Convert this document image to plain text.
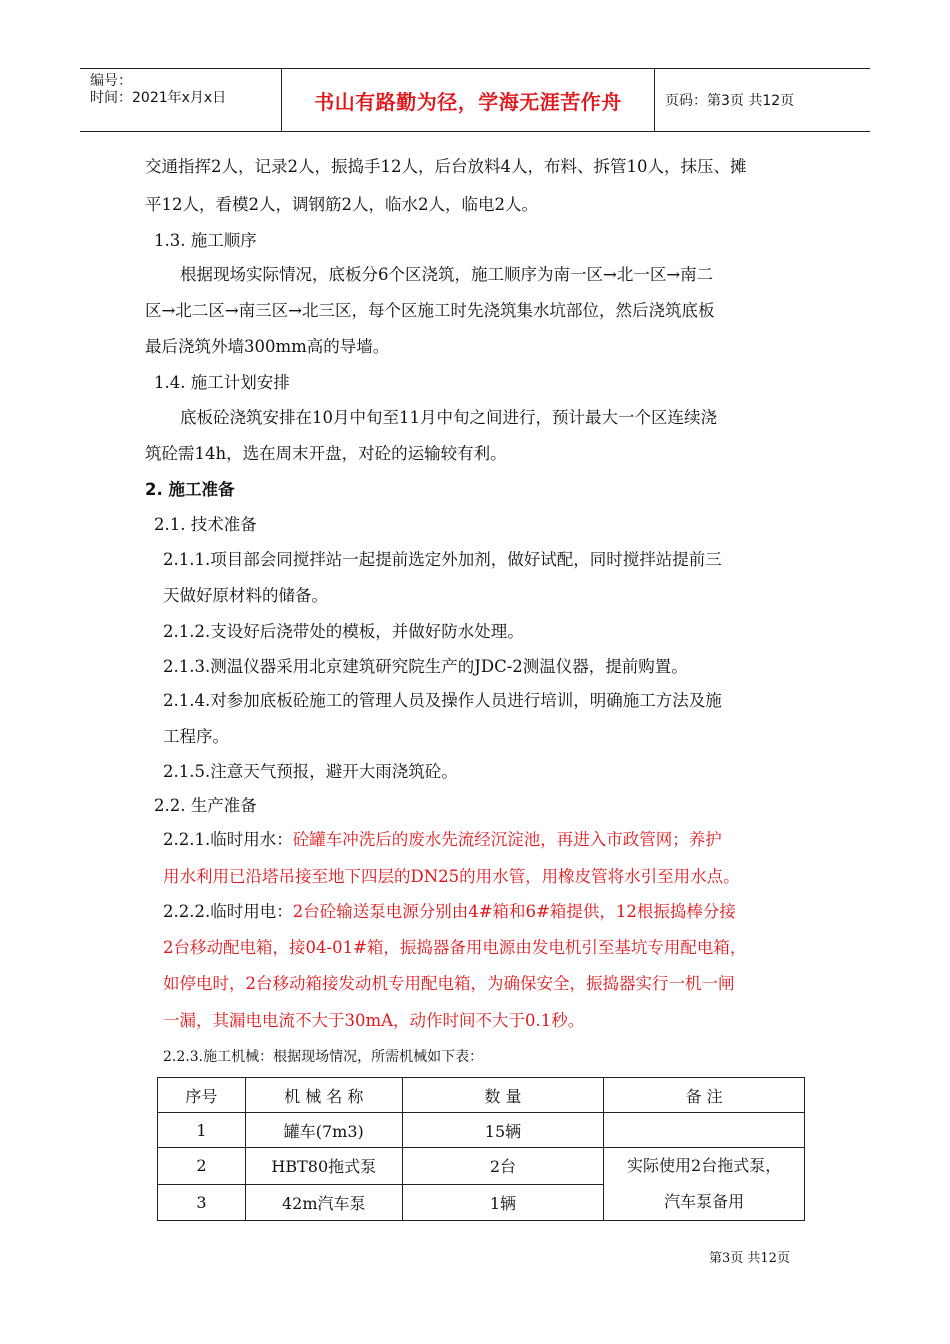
编号：
时间：2021年x月x日	书山有路勤为径，学海无涯苦作舟	页码：第3页 共12页
交通指挥2人，记录2人，振捣手12人，后台放料4人，布料、拆管10人，抹压、摊
平12人，看模2人，调钢筋2人，临水2人，临电2人。
1.3. 施工顺序
根据现场实际情况，底板分6个区浇筑，施工顺序为南一区→北一区→南二
区→北二区→南三区→北三区，每个区施工时先浇筑集水坑部位，然后浇筑底板
最后浇筑外墙300mm高的导墙。
1.4. 施工计划安排
底板砼浇筑安排在10月中旬至11月中旬之间进行，预计最大一个区连续浇
筑砼需14h，选在周末开盘，对砼的运输较有利。
2. 施工准备
2.1. 技术准备
2.1.1.项目部会同搅拌站一起提前选定外加剂，做好试配，同时搅拌站提前三
天做好原材料的储备。
2.1.2.支设好后浇带处的模板，并做好防水处理。
2.1.3.测温仪器采用北京建筑研究院生产的JDC-2测温仪器，提前购置。
2.1.4.对参加底板砼施工的管理人员及操作人员进行培训，明确施工方法及施
工程序。
2.1.5.注意天气预报，避开大雨浇筑砼。
2.2. 生产准备
2.2.1.临时用水：砼罐车冲洗后的废水先流经沉淀池，再进入市政管网；养护
用水利用已沿塔吊接至地下四层的DN25的用水管，用橡皮管将水引至用水点。
2.2.2.临时用电：2台砼输送泵电源分别由4#箱和6#箱提供，12根振捣棒分接
2台移动配电箱，接04-01#箱，振捣器备用电源由发电机引至基坑专用配电箱，
如停电时，2台移动箱接发动机专用配电箱，为确保安全，振捣器实行一机一闸
一漏，其漏电电流不大于30mA，动作时间不大于0.1秒。
2.2.3.施工机械：根据现场情况，所需机械如下表：
序号	机 械 名 称	数 量	备 注
1	罐车(7m3)	15辆	
2	HBT80拖式泵	2台	实际使用2台拖式泵，
汽车泵备用

3	42m汽车泵	1辆	
第3页 共12页
